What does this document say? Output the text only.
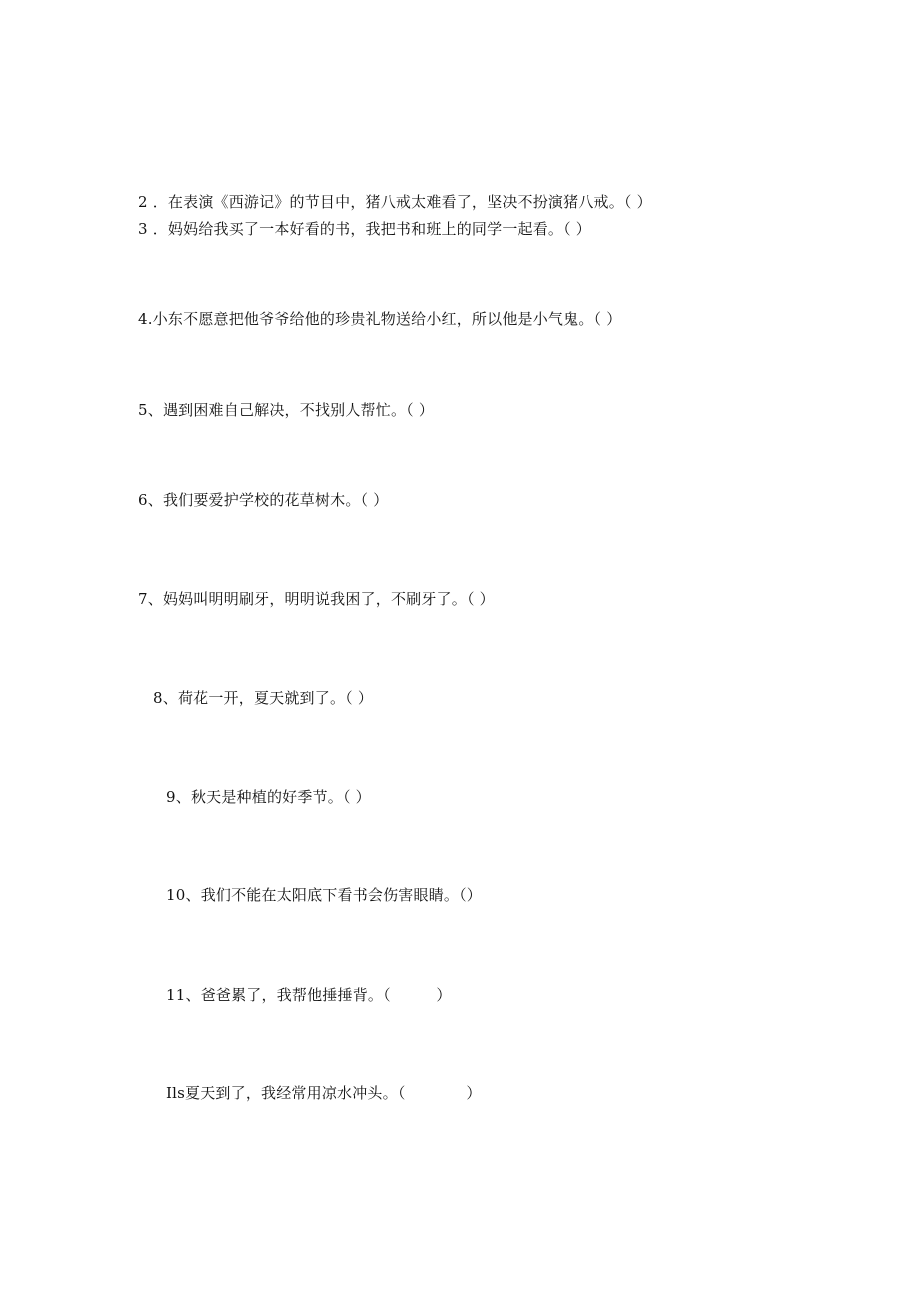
2 ．在表演《西游记》的节目中，猪八戒太难看了，坚决不扮演猪八戒。（ ）
3 ．妈妈给我买了一本好看的书，我把书和班上的同学一起看。（ ）
4.小东不愿意把他爷爷给他的珍贵礼物送给小红，所以他是小气鬼。（ ）
5、遇到困难自己解决，不找别人帮忙。（ ）
6、我们要爱护学校的花草树木。（ ）
7、妈妈叫明明刷牙，明明说我困了，不刷牙了。（ ）
8、荷花一开，夏天就到了。（ ）
9、秋天是种植的好季节。（ ）
10、我们不能在太阳底下看书会伤害眼睛。（）
11、爸爸累了，我帮他捶捶背。（　　　）
Ils夏天到了，我经常用凉水冲头。（　　　　）
